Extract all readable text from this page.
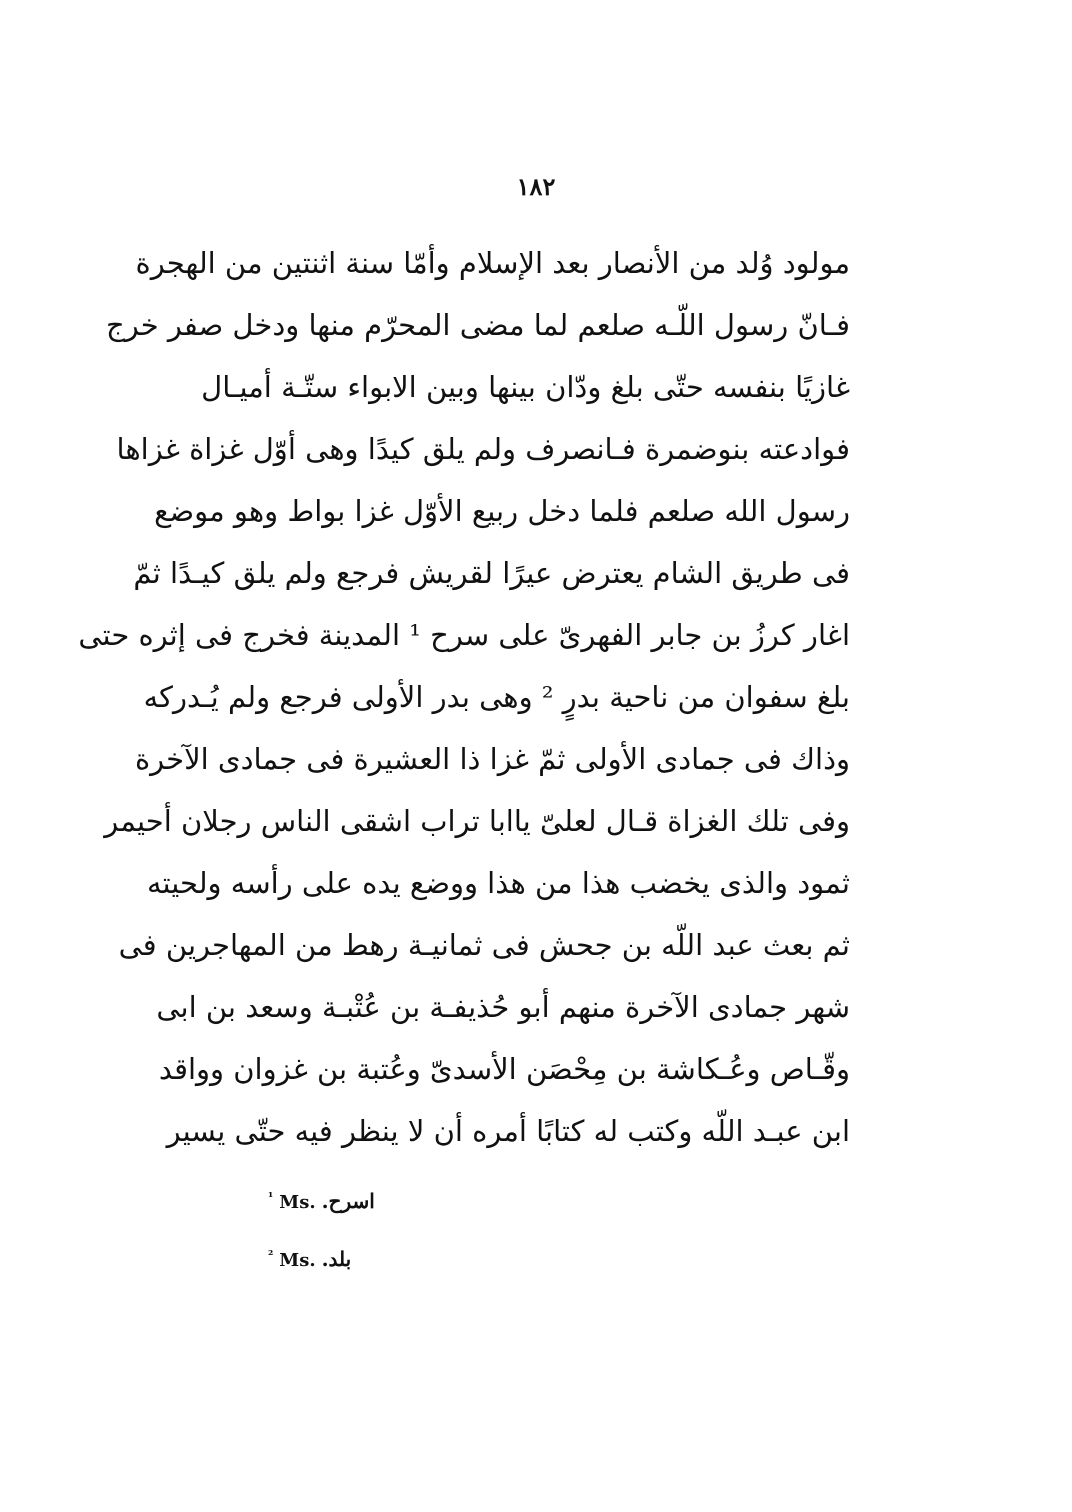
١٨٢
مولود وُلد من الأنصار بعد الإسلام وأمّا سنة اثنتين من الهجرة
فـانّ رسول اللّـه صلعم لما مضى المحرّم منها ودخل صفر خرج
غازيًا بنفسه حتّى بلغ ودّان بينها وبين الابواء ستّـة أميـال
فوادعته بنوضمرة فـانصرف ولم يلق كيدًا وهى أوّل غزاة غزاها
رسول الله صلعم فلما دخل ربيع الأوّل غزا بواط وهو موضع
فى طريق الشام يعترض عيرًا لقريش فرجع ولم يلق كيـدًا ثمّ
اغار كرزُ بن جابر الفهرىّ على سرح ¹ المدينة فخرج فى إثره حتى
بلغ سفوان من ناحية بدرٍ ² وهى بدر الأولى فرجع ولم يُـدركه
وذاك فى جمادى الأولى ثمّ غزا ذا العشيرة فى جمادى الآخرة
وفى تلك الغزاة قـال لعلىّ ياابا تراب اشقى الناس رجلان أحيمر
ثمود والذى يخضب هذا من هذا ووضع يده على رأسه ولحيته
ثم بعث عبد اللّه بن جحش فى ثمانيـة رهط من المهاجرين فى
شهر جمادى الآخرة منهم أبو حُذيفـة بن عُتْبـة وسعد بن ابى
وقّـاص وعُـكاشة بن مِحْصَن الأسدىّ وعُتبة بن غزوان وواقد
ابن عبـد اللّه وكتب له كتابًا أمره أن لا ينظر فيه حتّى يسير
$^{^1}$ Ms. اسرح.
$^{^2}$ Ms. بلد.
